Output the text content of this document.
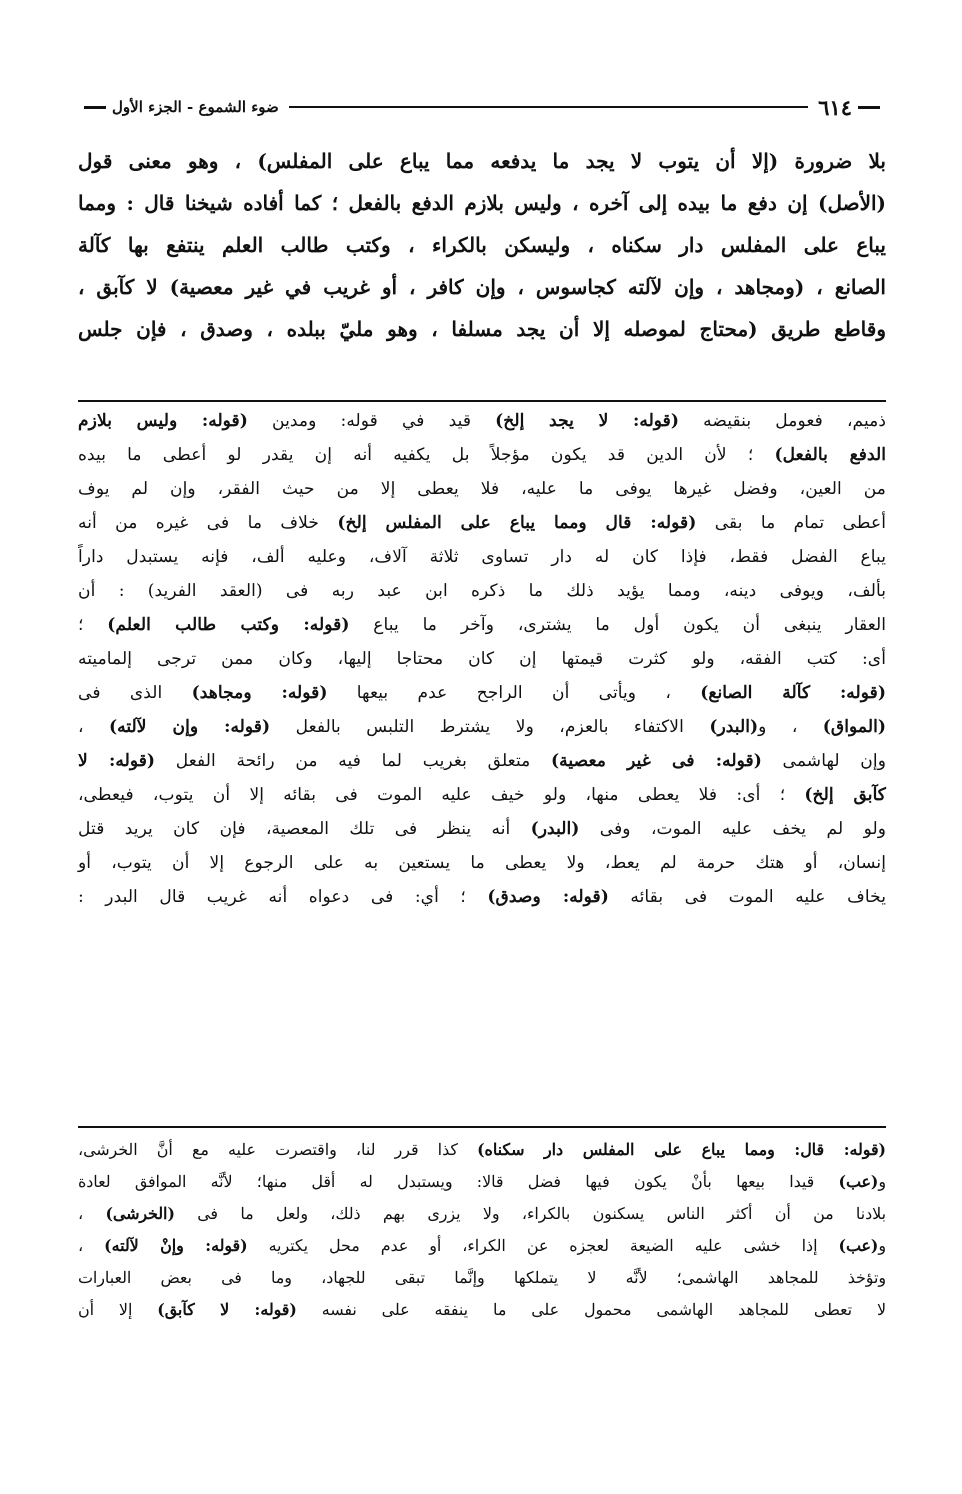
٦١٤
ضوء الشموع - الجزء الأول

بلا ضرورة (إلا أن يتوب لا يجد ما يدفعه مما يباع على المفلس) ، وهو معنى قول

(الأصل) إن دفع ما بيده إلى آخره ، وليس بلازم الدفع بالفعل ؛ كما أفاده شيخنا قال : ومما

يباع على المفلس دار سكناه ، وليسكن بالكراء ، وكتب طالب العلم ينتفع بها كآلة

الصانع ، (ومجاهد ، وإن لآلته كجاسوس ، وإن كافر ، أو غريب في غير معصية) لا كآبق ،

وقاطع طريق (محتاج لموصله إلا أن يجد مسلفا ، وهو مليّ ببلده ، وصدق ، فإن جلس

ذميم، فعومل بنقيضه (قوله: لا يجد إلخ) قيد في قوله: ومدين (قوله: وليس بلازم

الدفع بالفعل) ؛ لأن الدين قد يكون مؤجلاً بل يكفيه أنه إن يقدر لو أعطى ما بيده

من العين، وفضل غيرها يوفى ما عليه، فلا يعطى إلا من حيث الفقر، وإن لم يوف

أعطى تمام ما بقى (قوله: قال ومما يباع على المفلس إلخ) خلاف ما فى غيره من أنه

يباع الفضل فقط، فإذا كان له دار تساوى ثلاثة آلاف، وعليه ألف، فإنه يستبدل داراً

بألف، ويوفى دينه، ومما يؤيد ذلك ما ذكره ابن عبد ربه فى (العقد الفريد) : أن

العقار ينبغى أن يكون أول ما يشترى، وآخر ما يباع (قوله: وكتب طالب العلم) ؛

أى: كتب الفقه، ولو كثرت قيمتها إن كان محتاجا إليها، وكان ممن ترجى إلماميته

(قوله: كآلة الصانع) ، ويأتى أن الراجح عدم بيعها (قوله: ومجاهد) الذى فى

(المواق) ، و(البدر) الاكتفاء بالعزم، ولا يشترط التلبس بالفعل (قوله: وإن لآلته) ،

وإن لهاشمى (قوله: فى غير معصية) متعلق بغريب لما فيه من رائحة الفعل (قوله: لا

كآبق إلخ) ؛ أى: فلا يعطى منها، ولو خيف عليه الموت فى بقائه إلا أن يتوب، فيعطى،

ولو لم يخف عليه الموت، وفى (البدر) أنه ينظر فى تلك المعصية، فإن كان يريد قتل

إنسان، أو هتك حرمة لم يعط، ولا يعطى ما يستعين به على الرجوع إلا أن يتوب، أو

يخاف عليه الموت فى بقائه (قوله: وصدق) ؛ أي: فى دعواه أنه غريب قال البدر :

(قوله: قال: ومما يباع على المفلس دار سكناه) كذا قرر لنا، واقتصرت عليه مع أنَّ الخرشى،

و(عب) قيدا بيعها بأنْ يكون فيها فضل قالا: ويستبدل له أقل منها؛ لأنَّه الموافق لعادة

بلادنا من أن أكثر الناس يسكنون بالكراء، ولا يزرى بهم ذلك، ولعل ما فى (الخرشى) ،

و(عب) إذا خشى عليه الضيعة لعجزه عن الكراء، أو عدم محل يكتريه (قوله: وإنْ لآلته) ،

وتؤخذ للمجاهد الهاشمى؛ لأنَّه لا يتملكها وإنَّما تبقى للجهاد، وما فى بعض العبارات

لا تعطى للمجاهد الهاشمى محمول على ما ينفقه على نفسه (قوله: لا كآبق) إلا أن
